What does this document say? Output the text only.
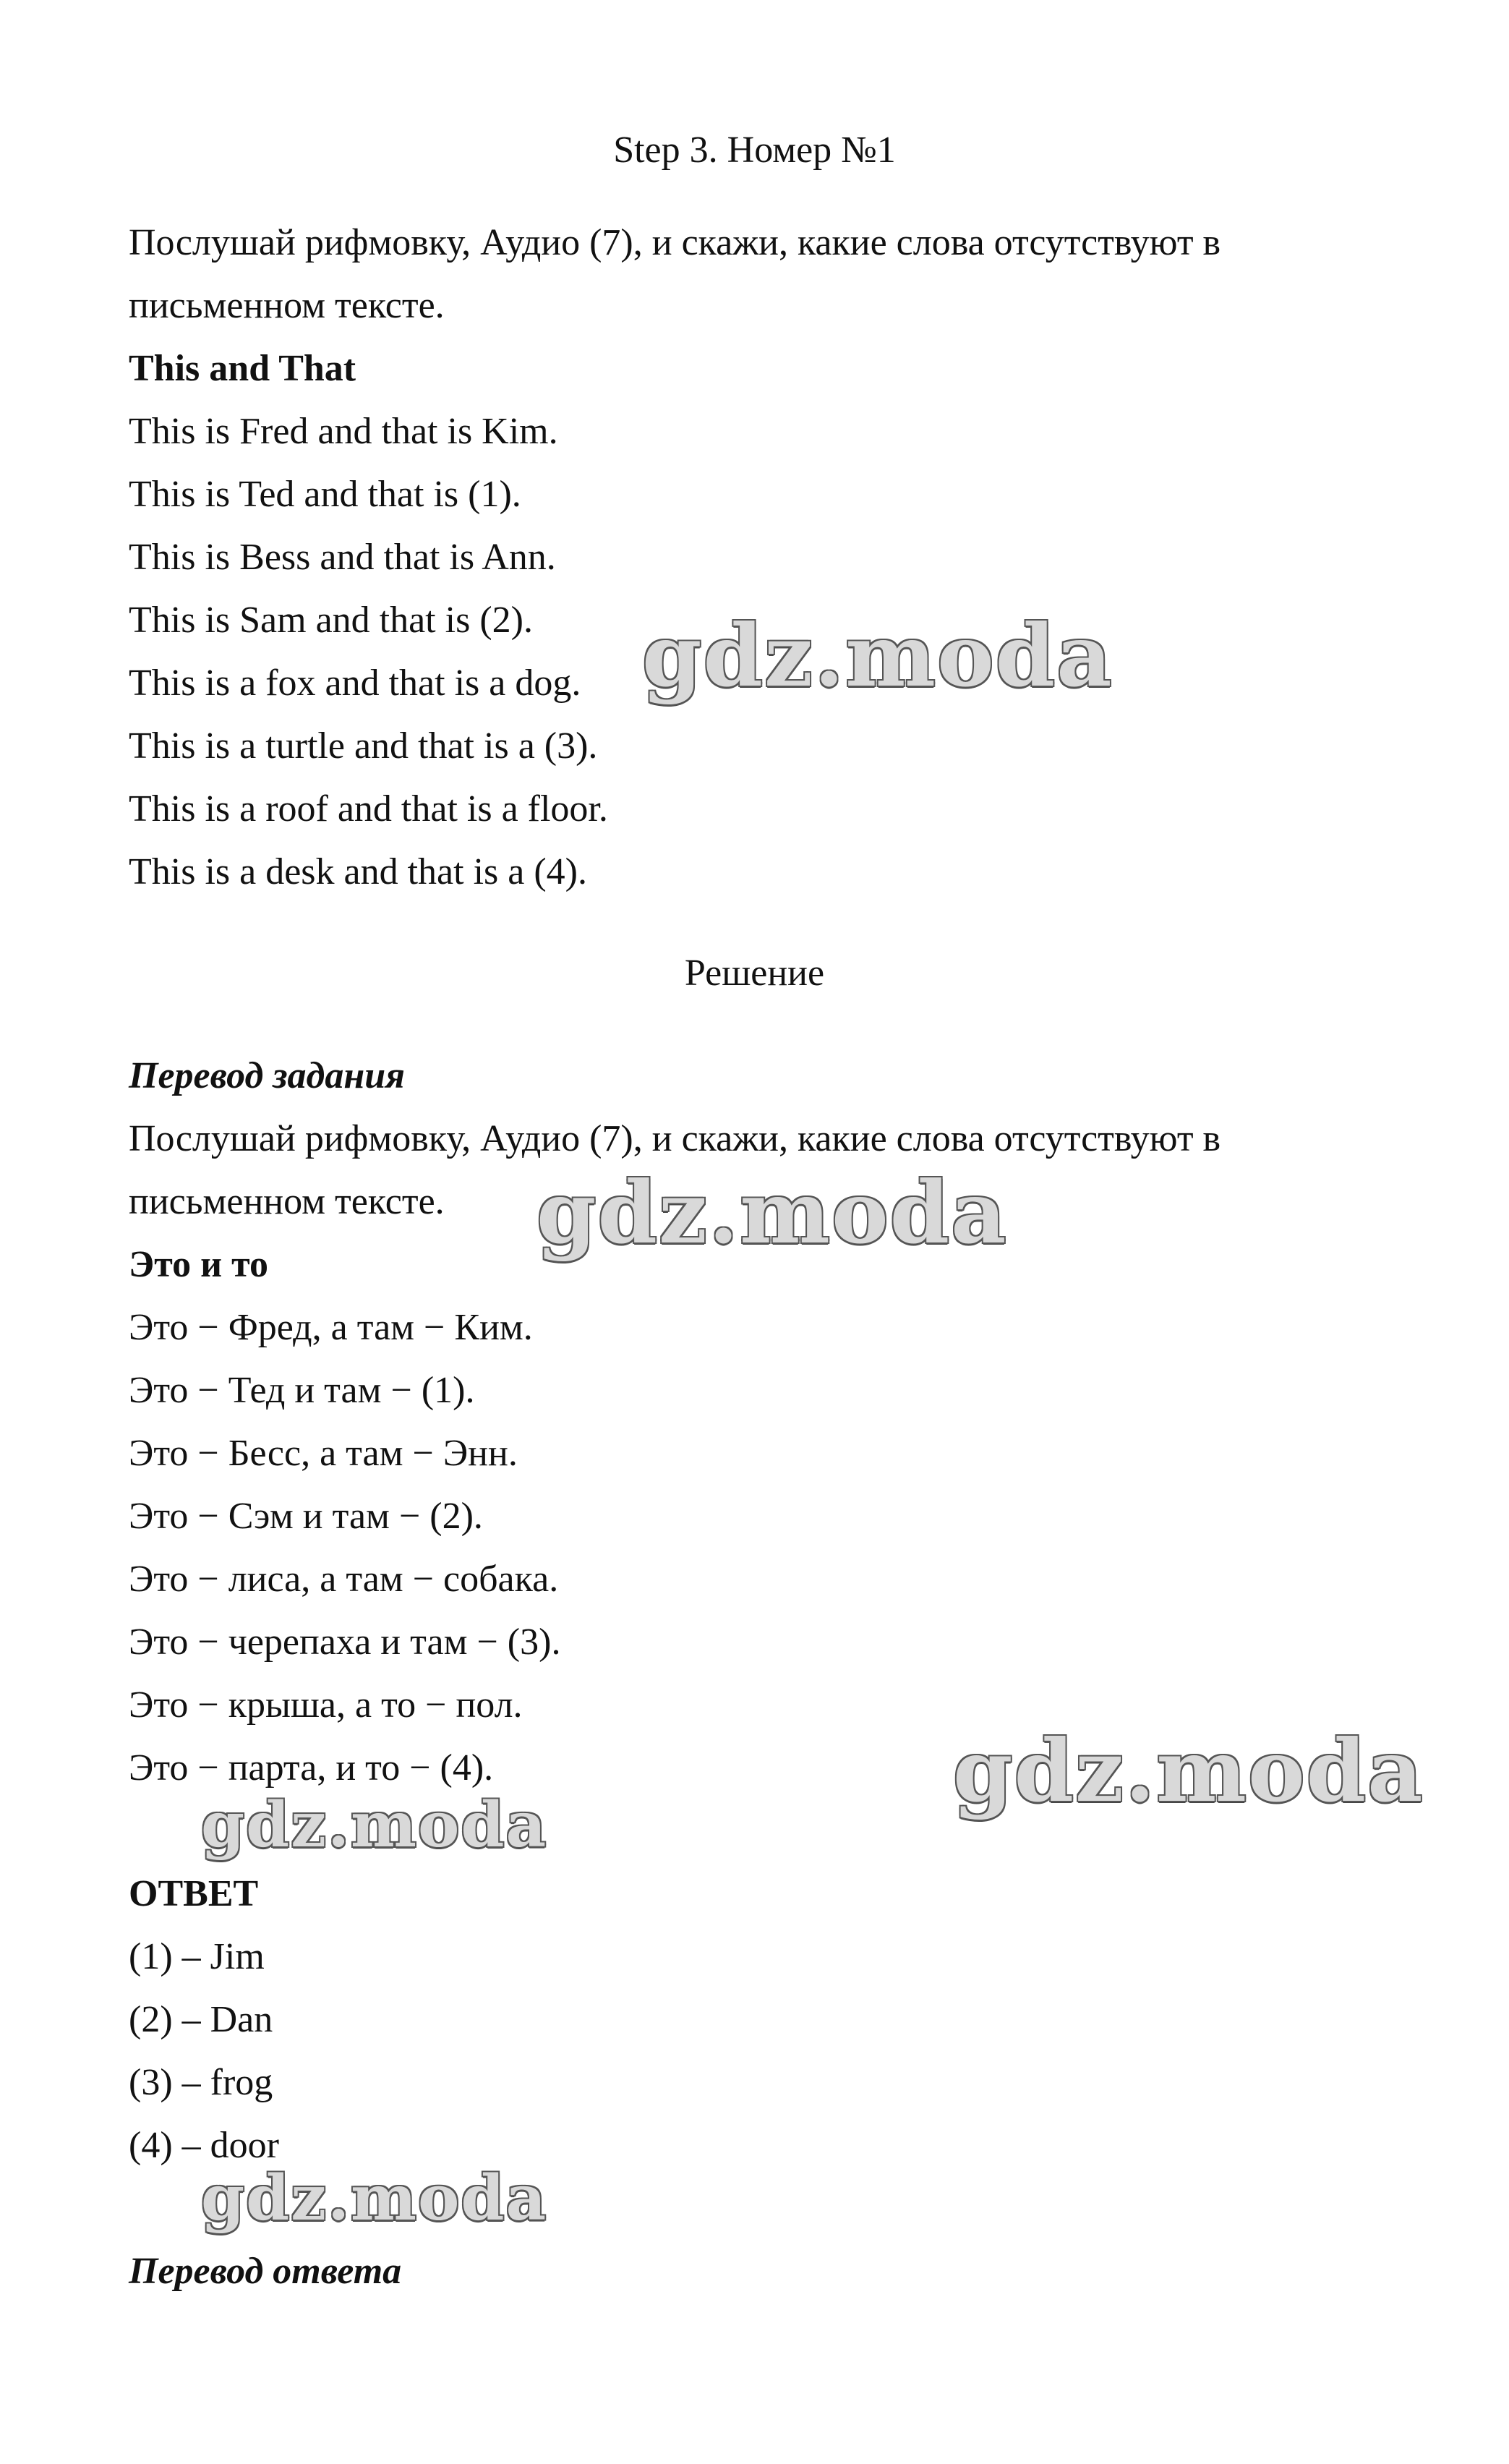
Step 3. Номер №1
Послушай рифмовку, Аудио (7), и скажи, какие слова отсутствуют в
письменном тексте.
This and That
This is Fred and that is Kim.
This is Ted and that is (1).
This is Bess and that is Ann.
This is Sam and that is (2).
This is a fox and that is a dog.
This is a turtle and that is a (3).
This is a roof and that is a floor.
This is a desk and that is a (4).
Решение
Перевод задания
Послушай рифмовку, Аудио (7), и скажи, какие слова отсутствуют в
письменном тексте.
Это и то
Это − Фред, а там − Ким.
Это − Тед и там − (1).
Это − Бесс, а там − Энн.
Это − Сэм и там − (2).
Это − лиса, а там − собака.
Это − черепаха и там − (3).
Это − крыша, а то − пол.
Это − парта, и то − (4).
ОТВЕТ
(1) – Jim
(2) – Dan
(3) – frog
(4) – door
Перевод ответа
gdz.moda
gdz.moda
gdz.moda
gdz.moda
gdz.moda
